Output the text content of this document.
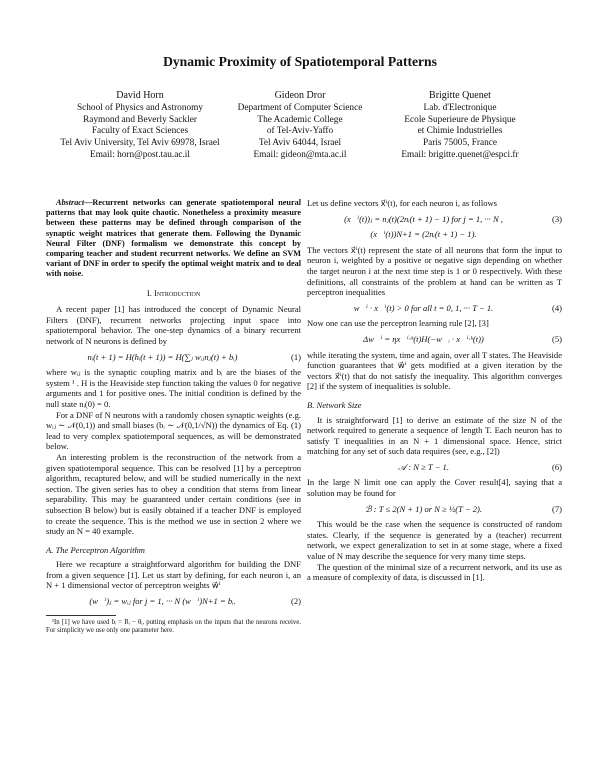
Dynamic Proximity of Spatiotemporal Patterns
David Horn
School of Physics and Astronomy
Raymond and Beverly Sackler
Faculty of Exact Sciences
Tel Aviv University, Tel Aviv 69978, Israel
Email: horn@post.tau.ac.il
Gideon Dror
Department of Computer Science
The Academic College
of Tel-Aviv-Yaffo
Tel Aviv 64044, Israel
Email: gideon@mta.ac.il
Brigitte Quenet
Lab. d'Electronique
Ecole Superieure de Physique
et Chimie Industrielles
Paris 75005, France
Email: brigitte.quenet@espci.fr

Abstract—Recurrent networks can generate spatiotemporal neural patterns that may look quite chaotic. Nonetheless a proximity measure between these patterns may be defined through comparison of the synaptic weight matrices that generate them. Following the Dynamic Neural Filter (DNF) formalism we demonstrate this concept by comparing teacher and student recurrent networks. We define an SVM variant of DNF in order to specify the optimal weight matrix and to deal with noise.

I. Introduction

A recent paper [1] has introduced the concept of Dynamic Neural Filters (DNF), recurrent networks projecting input space into spatiotemporal behavior. The one-step dynamics of a binary recurrent network of N neurons is defined by

nᵢ(t + 1) = H(hᵢ(t + 1)) = H(∑ⱼ wᵢⱼnⱼ(t) + bᵢ)	(1)

where wᵢⱼ is the synaptic coupling matrix and bᵢ are the biases of the system ¹ . H is the Heaviside step function taking the values 0 for negative arguments and 1 for positive ones. The initial condition is defined by the null state nᵢ(0) = 0.

For a DNF of N neurons with a randomly chosen synaptic weights (e.g. wᵢⱼ ∼ 𝒩(0,1)) and small biases (bᵢ ∼ 𝒩(0,1/√N)) the dynamics of Eq. (1) lead to very complex spatiotemporal sequences, as will be demonstrated below.

An interesting problem is the reconstruction of the network from a given spatiotemporal sequence. This can be resolved [1] by a perceptron algorithm, recaptured below, and will be studied numerically in the next section. The given series has to obey a condition that stems from linear separability. This may be guaranteed under certain conditions (see in subsection B below) but is easily obtained if a teacher DNF is employed to create the sequence. This is the method we use in section 2 where we study an N = 40 example.

A. The Perceptron Algorithm

Here we recapture a straightforward algorithm for building the DNF from a given sequence [1]. Let us start by defining, for each neuron i, an N + 1 dimensional vector of perceptron weights w⃗ⁱ

(w⃗ⁱ)ⱼ = wᵢⱼ for j = 1, ··· N (w⃗ⁱ)N+1 = bᵢ.	(2)

¹In [1] we have used bᵢ = Rᵢ − θᵢ, putting emphasis on the inputs that the neurons receive. For simplicity we use only one parameter here.

Let us define vectors x⃗ⁱ(t), for each neuron i, as follows

(x⃗ⁱ(t))ⱼ = nⱼ(t)(2nᵢ(t + 1) − 1) for j = 1, ··· N ,	(3)
(x⃗ⁱ(t))N+1 = (2nᵢ(t + 1) − 1).

The vectors x⃗ⁱ(t) represent the state of all neurons that form the input to neuron i, weighted by a positive or negative sign depending on whether the target neuron i at the next time step is 1 or 0 respectively. With these definitions, all constraints of the problem at hand can be written as T perceptron inequalities

w⃗ⁱ · x⃗ⁱ(t) > 0 for all t = 0, 1, ··· T − 1.	(4)

Now one can use the perceptron learning rule [2], [3]

Δw⃗ⁱ = ηx⃗ⁱ·ᵏ(t)H(−w⃗ᵢ · x⃗ⁱ·ᵏ(t))	(5)

while iterating the system, time and again, over all T states. The Heaviside function guarantees that w⃗ⁱ gets modified at a given iteration by the vectors x⃗ⁱ(t) that do not satisfy the inequality. This algorithm converges [2] if the system of inequalities is soluble.

B. Network Size

It is straightforward [1] to derive an estimate of the size N of the network required to generate a sequence of length T. Each neuron has to satisfy T inequalities in an N + 1 dimensional space. Hence, strict matching for any set of such data requires (see, e.g., [2])

𝒜 : N ≥ T − 1.	(6)

In the large N limit one can apply the Cover result[4], saying that a solution may be found for

ℬ : T ≤ 2(N + 1) or N ≥ ½(T − 2).	(7)

This would be the case when the sequence is constructed of random states. Clearly, if the sequence is generated by a (teacher) recurrent network, we expect generalization to set in at some stage, where a fixed value of N may describe the sequence for very many time steps.

The question of the minimal size of a recurrent network, and its use as a measure of complexity of data, is discussed in [1].
